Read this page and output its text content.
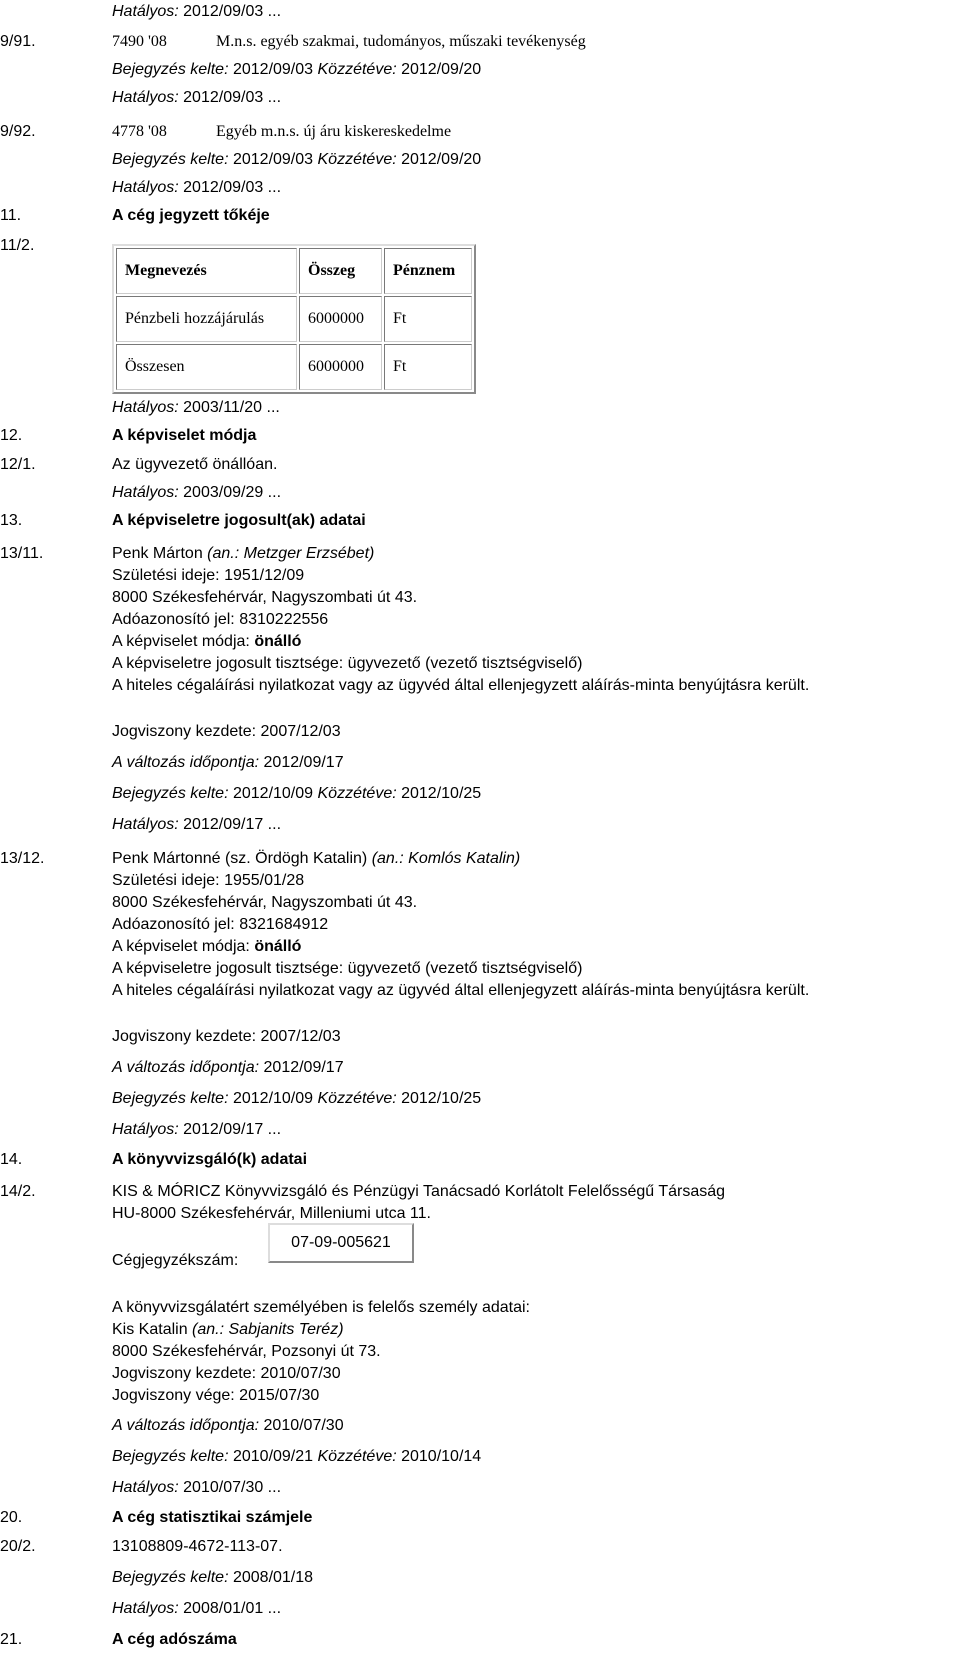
Hatályos: 2012/09/03 ...
9/91.	7490 '08	M.n.s. egyéb szakmai, tudományos, műszaki tevékenység
Bejegyzés kelte: 2012/09/03 Közzétéve: 2012/09/20
Hatályos: 2012/09/03 ...
9/92.	4778 '08	Egyéb m.n.s. új áru kiskereskedelme
Bejegyzés kelte: 2012/09/03 Közzétéve: 2012/09/20
Hatályos: 2012/09/03 ...
11.	A cég jegyzett tőkéje
11/2.
Megnevezés	Összeg	Pénznem
Pénzbeli hozzájárulás	6000000	Ft
Összesen	6000000	Ft
Hatályos: 2003/11/20 ...
12.	A képviselet módja
12/1.	Az ügyvezető önállóan.
Hatályos: 2003/09/29 ...
13.	A képviseletre jogosult(ak) adatai
13/11.	Penk Márton (an.: Metzger Erzsébet)
Születési ideje: 1951/12/09
8000 Székesfehérvár, Nagyszombati út 43.
Adóazonosító jel: 8310222556
A képviselet módja: önálló
A képviseletre jogosult tisztsége: ügyvezető (vezető tisztségviselő)
A hiteles cégaláírási nyilatkozat vagy az ügyvéd által ellenjegyzett aláírás-minta benyújtásra került.
Jogviszony kezdete: 2007/12/03
A változás időpontja: 2012/09/17
Bejegyzés kelte: 2012/10/09 Közzétéve: 2012/10/25
Hatályos: 2012/09/17 ...
13/12.	Penk Mártonné (sz. Ördögh Katalin) (an.: Komlós Katalin)
Születési ideje: 1955/01/28
8000 Székesfehérvár, Nagyszombati út 43.
Adóazonosító jel: 8321684912
A képviselet módja: önálló
A képviseletre jogosult tisztsége: ügyvezető (vezető tisztségviselő)
A hiteles cégaláírási nyilatkozat vagy az ügyvéd által ellenjegyzett aláírás-minta benyújtásra került.
Jogviszony kezdete: 2007/12/03
A változás időpontja: 2012/09/17
Bejegyzés kelte: 2012/10/09 Közzétéve: 2012/10/25
Hatályos: 2012/09/17 ...
14.	A könyvvizsgáló(k) adatai
14/2.	KIS & MÓRICZ Könyvvizsgáló és Pénzügyi Tanácsadó Korlátolt Felelősségű Társaság
HU-8000 Székesfehérvár, Milleniumi utca 11.
07-09-005621
Cégjegyzékszám:
A könyvvizsgálatért személyében is felelős személy adatai:
Kis Katalin (an.: Sabjanits Teréz)
8000 Székesfehérvár, Pozsonyi út 73.
Jogviszony kezdete: 2010/07/30
Jogviszony vége: 2015/07/30
A változás időpontja: 2010/07/30
Bejegyzés kelte: 2010/09/21 Közzétéve: 2010/10/14
Hatályos: 2010/07/30 ...
20.	A cég statisztikai számjele
20/2.	13108809-4672-113-07.
Bejegyzés kelte: 2008/01/18
Hatályos: 2008/01/01 ...
21.	A cég adószáma
